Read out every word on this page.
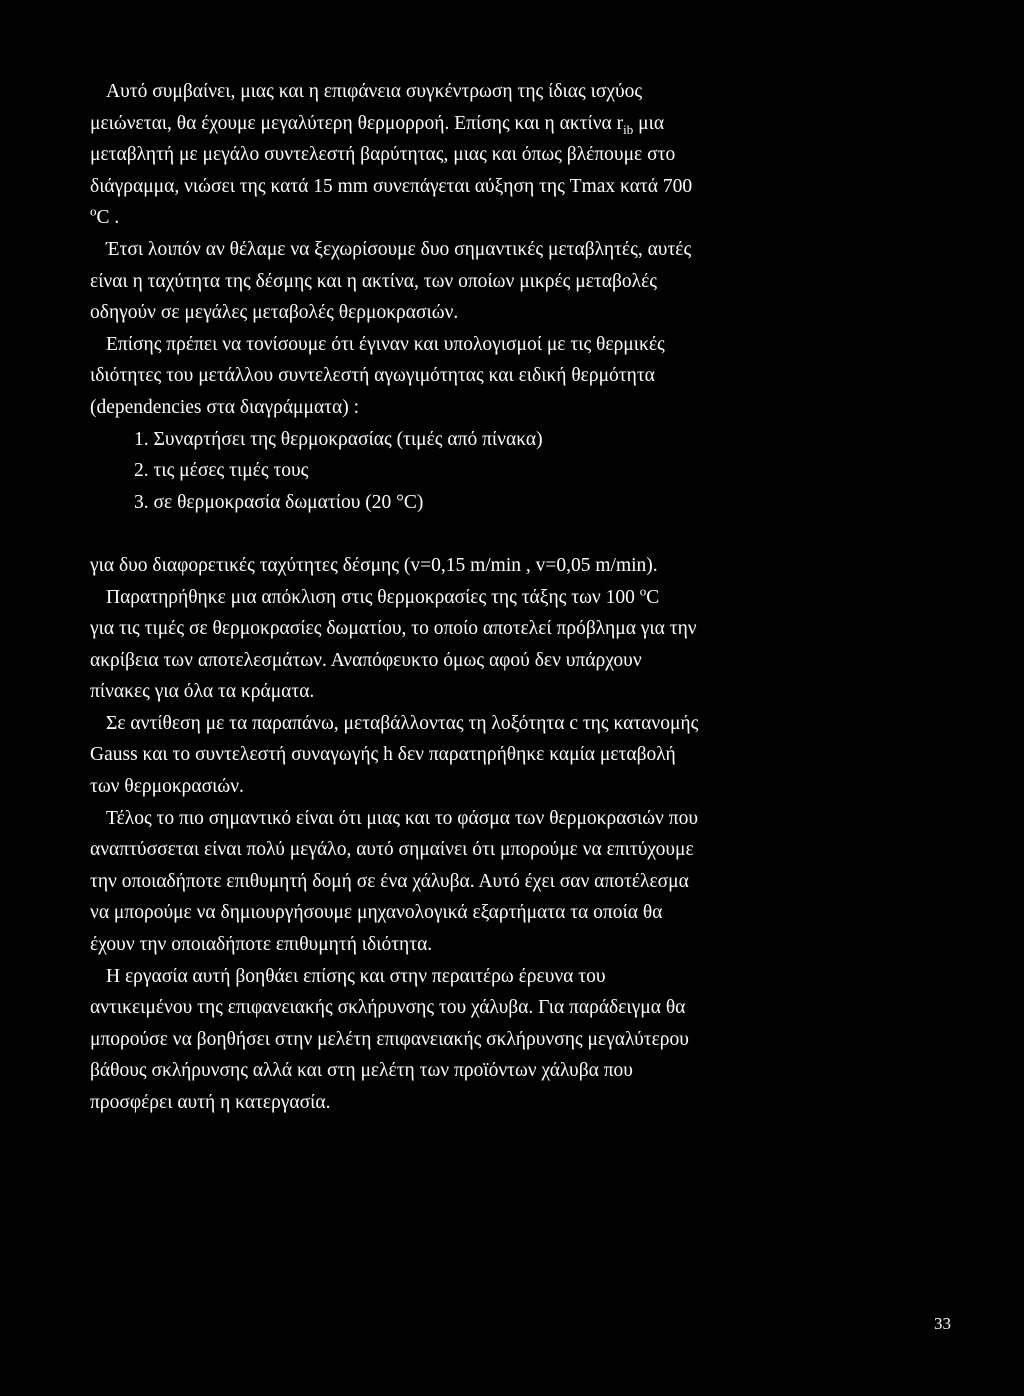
Αυτό συμβαίνει, μιας και η επιφάνεια συγκέντρωση της ίδιας ισχύος
μειώνεται, θα έχουμε μεγαλύτερη θερμορροή. Επίσης και η ακτίνα $r_{ib}$ μια
μεταβλητή με μεγάλο συντελεστή βαρύτητας, μιας και όπως βλέπουμε στο
διάγραμμα, νιώσει της κατά 15 mm συνεπάγεται αύξηση της Tmax κατά 700
$^o$C .
Έτσι λοιπόν αν θέλαμε να ξεχωρίσουμε δυο σημαντικές μεταβλητές, αυτές
είναι η ταχύτητα της δέσμης και η ακτίνα, των οποίων μικρές μεταβολές
οδηγούν σε μεγάλες μεταβολές θερμοκρασιών.
Επίσης πρέπει να τονίσουμε ότι έγιναν και υπολογισμοί με τις θερμικές
ιδιότητες του μετάλλου συντελεστή αγωγιμότητας και ειδική θερμότητα
(dependencies στα διαγράμματα) :
1. Συναρτήσει της θερμοκρασίας (τιμές από πίνακα)
2. τις μέσες τιμές τους
3. σε θερμοκρασία δωματίου (20 °C)
για δυο διαφορετικές ταχύτητες δέσμης (v=0,15 m/min , v=0,05 m/min).
Παρατηρήθηκε μια απόκλιση στις θερμοκρασίες της τάξης των 100 $^o$C
για τις τιμές σε θερμοκρασίες δωματίου, το οποίο αποτελεί πρόβλημα για την
ακρίβεια των αποτελεσμάτων. Αναπόφευκτο όμως αφού δεν υπάρχουν
πίνακες για όλα τα κράματα.
Σε αντίθεση με τα παραπάνω, μεταβάλλοντας τη λοξότητα c της κατανομής
Gauss και το συντελεστή συναγωγής h δεν παρατηρήθηκε καμία μεταβολή
των θερμοκρασιών.
Τέλος το πιο σημαντικό είναι ότι μιας και το φάσμα των θερμοκρασιών που
αναπτύσσεται είναι πολύ μεγάλο, αυτό σημαίνει ότι μπορούμε να επιτύχουμε
την οποιαδήποτε επιθυμητή δομή σε ένα χάλυβα. Αυτό έχει σαν αποτέλεσμα
να μπορούμε να δημιουργήσουμε μηχανολογικά εξαρτήματα τα οποία θα
έχουν την οποιαδήποτε επιθυμητή ιδιότητα.
Η εργασία αυτή βοηθάει επίσης και στην περαιτέρω έρευνα του
αντικειμένου της επιφανειακής σκλήρυνσης του χάλυβα. Για παράδειγμα θα
μπορούσε να βοηθήσει στην μελέτη επιφανειακής σκλήρυνσης μεγαλύτερου
βάθους σκλήρυνσης αλλά και στη μελέτη των προϊόντων χάλυβα που
προσφέρει αυτή η κατεργασία.
33
